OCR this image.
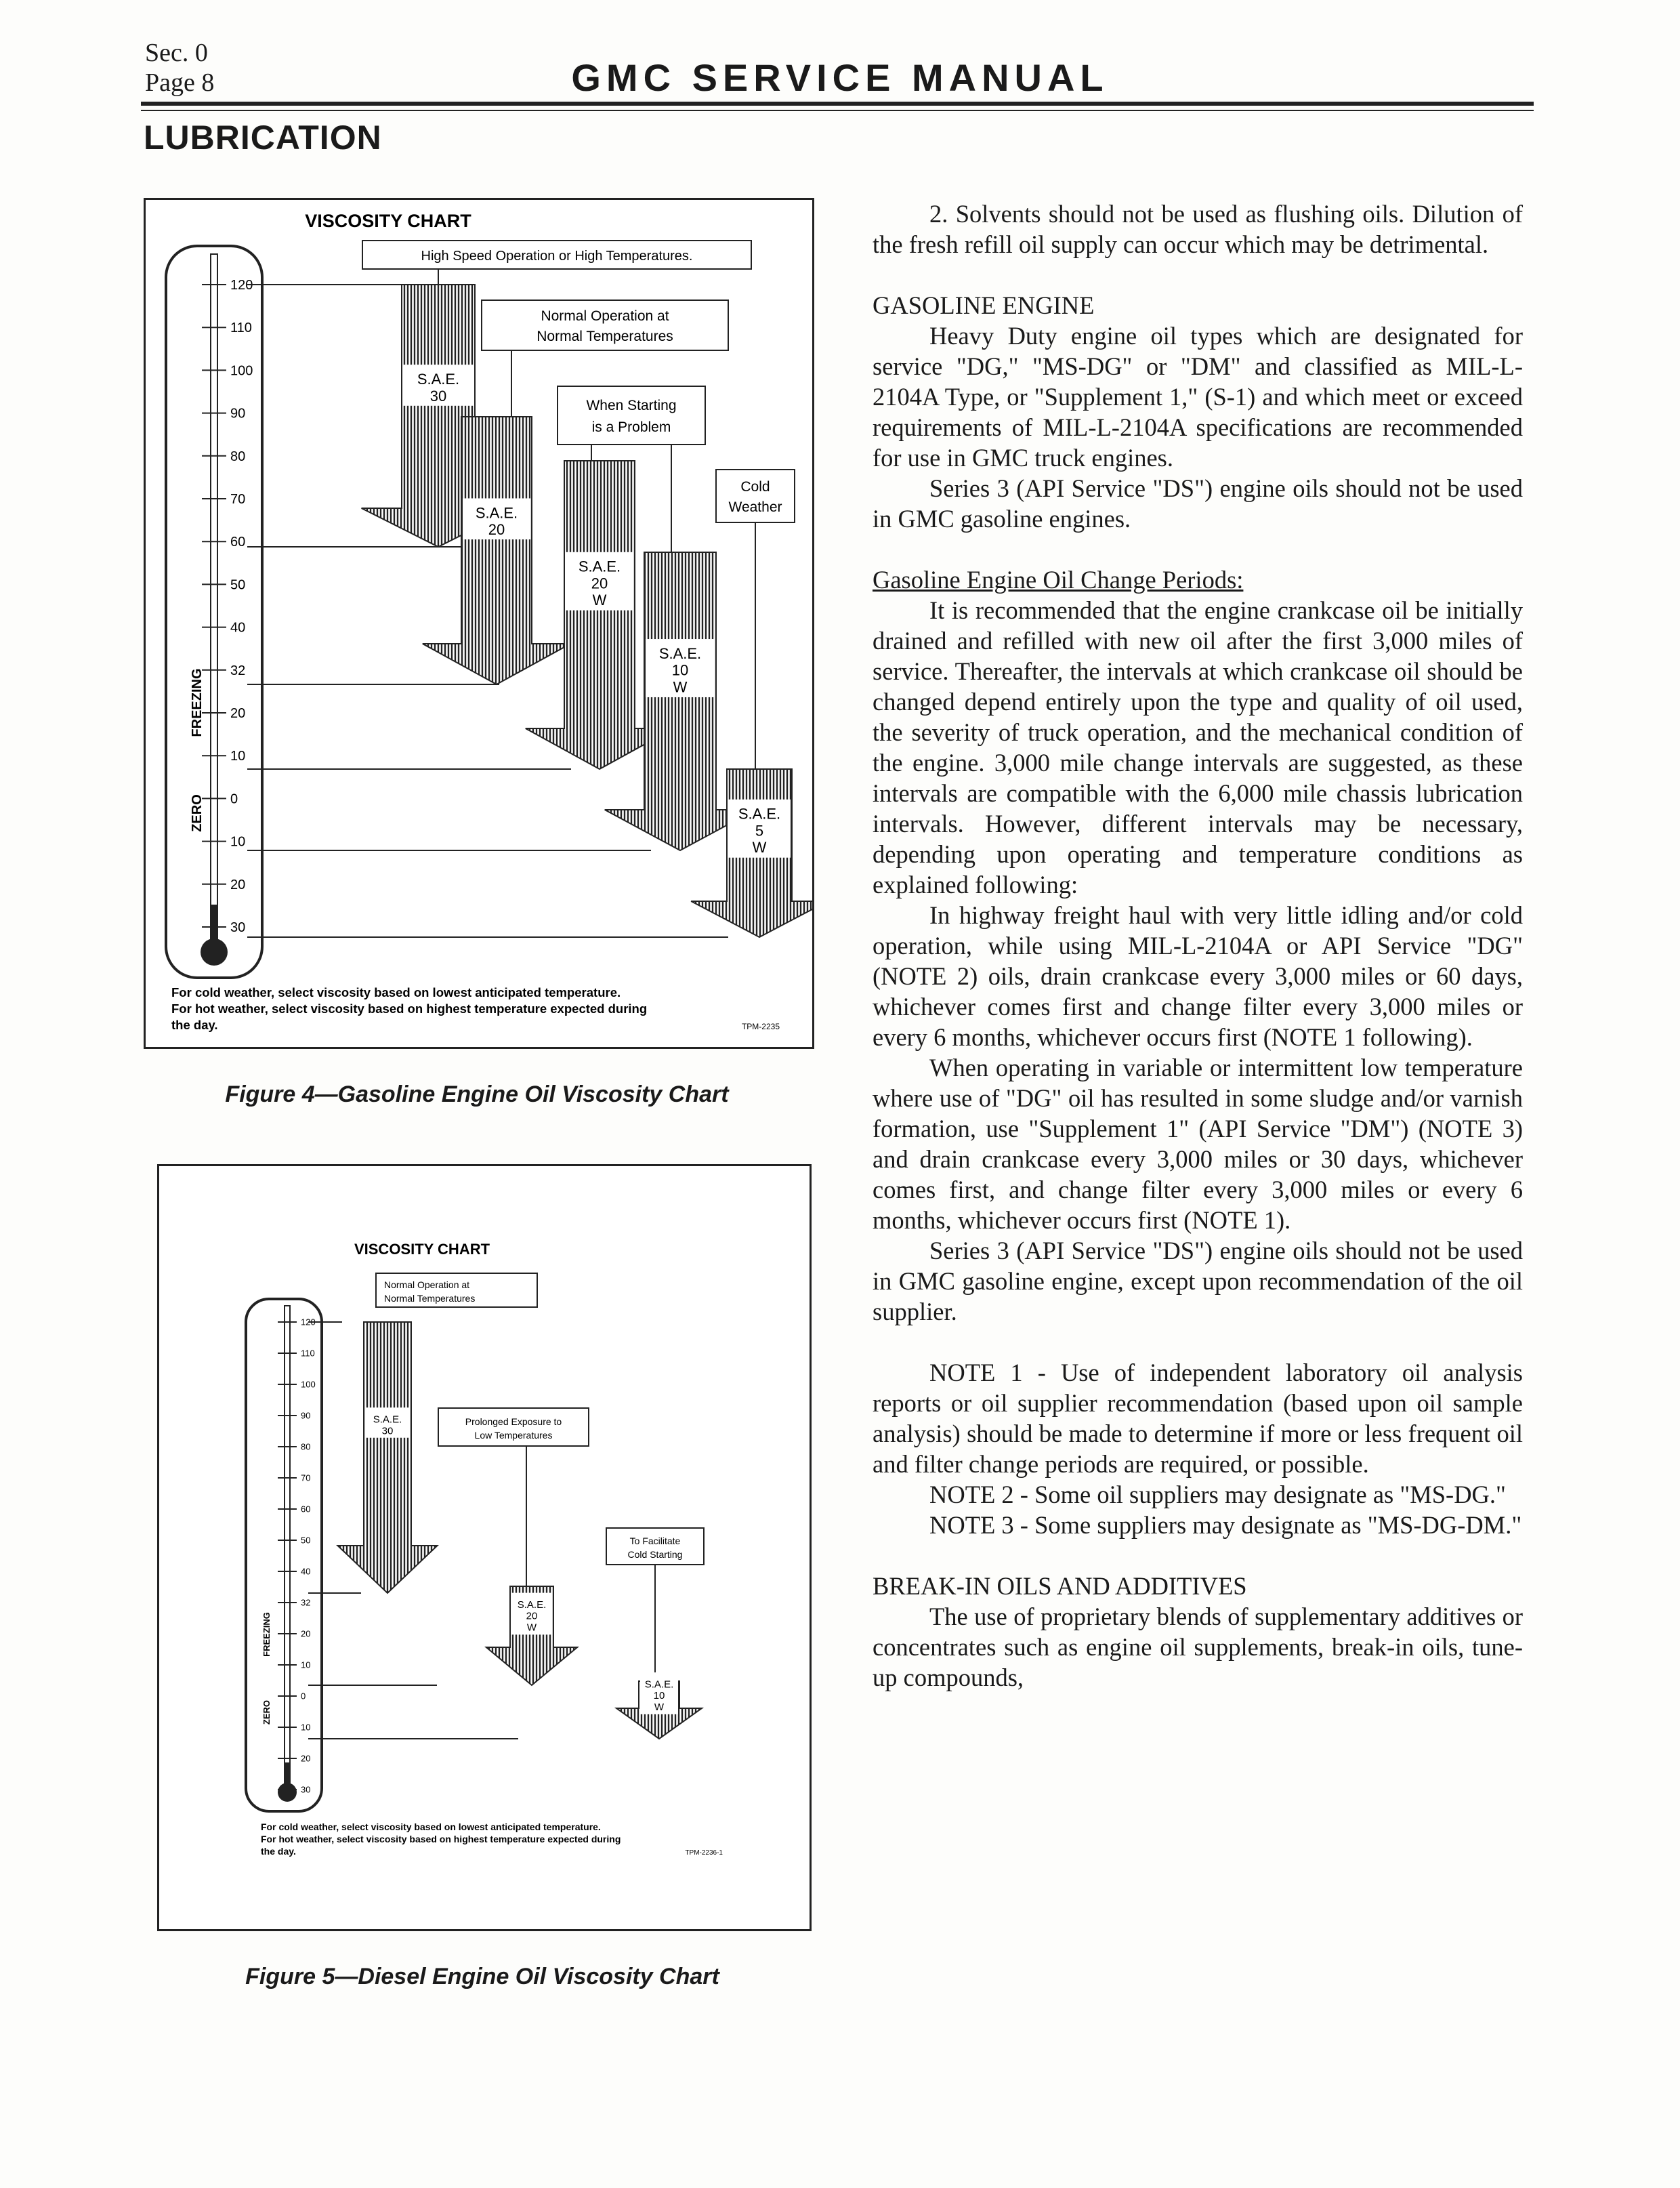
Sec. 0
Page 8	GMC SERVICE MANUAL
LUBRICATION
VISCOSITY CHART
120
110
100
90
80
70
60
50
40
32
20
10
0
10
20
30
FREEZING
ZERO
High Speed Operation or High Temperatures.
Normal Operation at
Normal Temperatures
When Starting
is a Problem
Cold
Weather
S.A.E.
30
S.A.E.
20
S.A.E.
20
W
S.A.E.
10
W
S.A.E.
5
W
For cold weather, select viscosity based on lowest anticipated temperature.
For hot weather, select viscosity based on highest temperature expected during
the day.	TPM-2235
Figure 4—Gasoline Engine Oil Viscosity Chart
VISCOSITY CHART
120
110
100
90
80
70
60
50
40
32
20
10
0
10
20
30
FREEZING
ZERO
Normal Operation at
Normal Temperatures
Prolonged Exposure to
Low Temperatures
To Facilitate
Cold Starting
S.A.E.
30
S.A.E.
20
W
S.A.E.
10
W
For cold weather, select viscosity based on lowest anticipated temperature.
For hot weather, select viscosity based on highest temperature expected during
the day.	TPM-2236-1
Figure 5—Diesel Engine Oil Viscosity Chart

2. Solvents should not be used as flushing oils. Dilution of the fresh refill oil supply can occur which may be detrimental.

GASOLINE ENGINE

Heavy Duty engine oil types which are designated for service "DG," "MS-DG" or "DM" and classified as MIL-L-2104A Type, or "Supplement 1," (S-1) and which meet or exceed requirements of MIL-L-2104A specifications are recommended for use in GMC truck engines.

Series 3 (API Service "DS") engine oils should not be used in GMC gasoline engines.

Gasoline Engine Oil Change Periods:

It is recommended that the engine crankcase oil be initially drained and refilled with new oil after the first 3,000 miles of service. Thereafter, the intervals at which crankcase oil should be changed depend entirely upon the type and quality of oil used, the severity of truck operation, and the mechanical condition of the engine. 3,000 mile change intervals are suggested, as these intervals are compatible with the 6,000 mile chassis lubrication intervals. However, different intervals may be necessary, depending upon operating and temperature conditions as explained following:

In highway freight haul with very little idling and/or cold operation, while using MIL-L-2104A or API Service "DG" (NOTE 2) oils, drain crankcase every 3,000 miles or 60 days, whichever comes first and change filter every 3,000 miles or every 6 months, whichever occurs first (NOTE 1 following).

When operating in variable or intermittent low temperature where use of "DG" oil has resulted in some sludge and/or varnish formation, use "Supplement 1" (API Service "DM") (NOTE 3) and drain crankcase every 3,000 miles or 30 days, whichever comes first, and change filter every 3,000 miles or every 6 months, whichever occurs first (NOTE 1).

Series 3 (API Service "DS") engine oils should not be used in GMC gasoline engine, except upon recommendation of the oil supplier.

NOTE 1 - Use of independent laboratory oil analysis reports or oil supplier recommendation (based upon oil sample analysis) should be made to determine if more or less frequent oil and filter change periods are required, or possible.

NOTE 2 - Some oil suppliers may designate as "MS-DG."

NOTE 3 - Some suppliers may designate as "MS-DG-DM."

BREAK-IN OILS AND ADDITIVES

The use of proprietary blends of supplementary additives or concentrates such as engine oil supplements, break-in oils, tune-up compounds,
